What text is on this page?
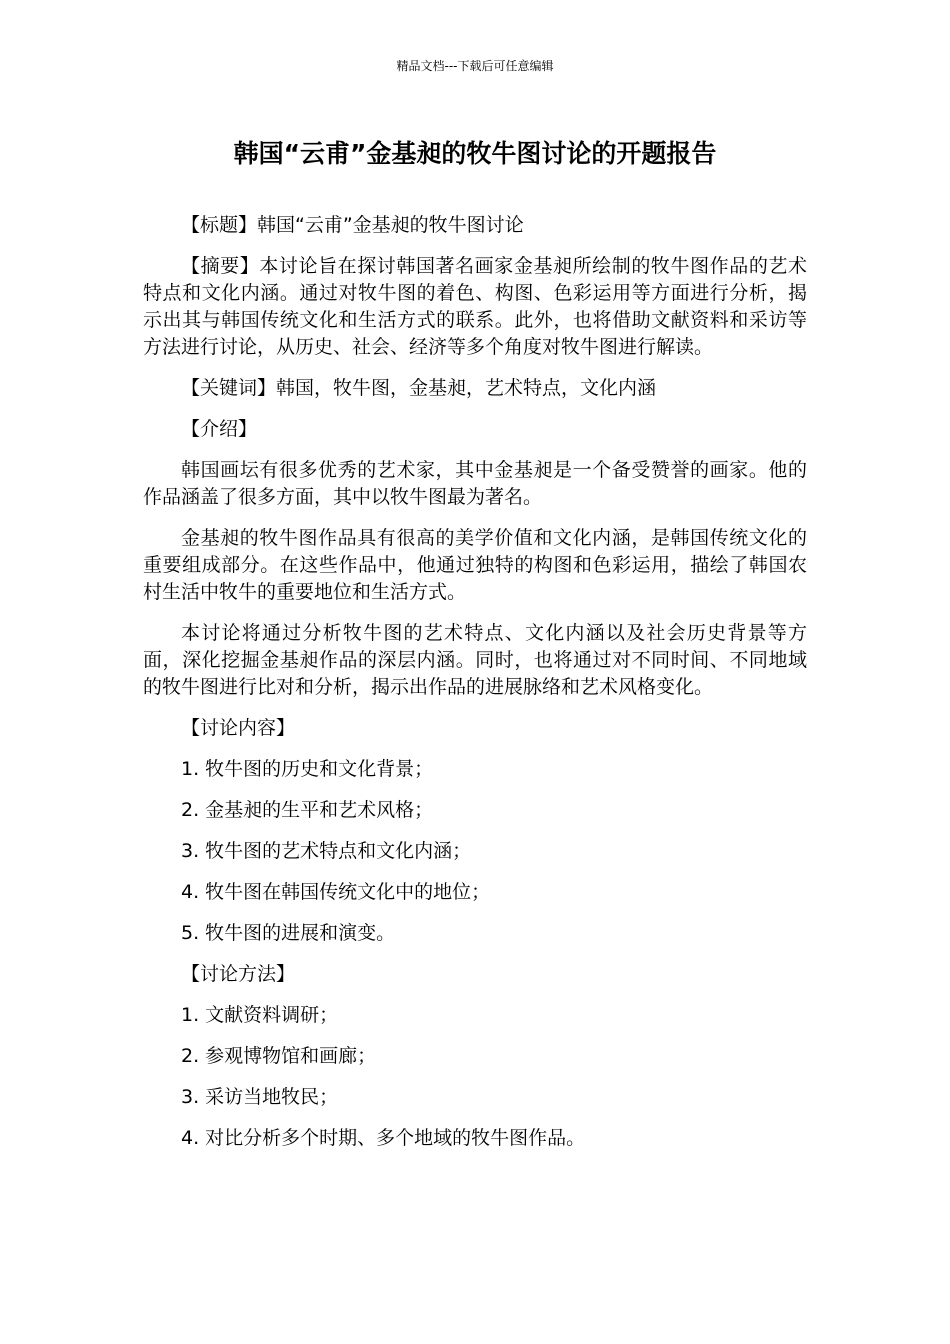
精品文档---下载后可任意编辑
韩国“云甫”金基昶的牧牛图讨论的开题报告

【标题】韩国“云甫”金基昶的牧牛图讨论

【摘要】本讨论旨在探讨韩国著名画家金基昶所绘制的牧牛图作品的艺术特点和文化内涵。通过对牧牛图的着色、构图、色彩运用等方面进行分析，揭示出其与韩国传统文化和生活方式的联系。此外，也将借助文献资料和采访等方法进行讨论，从历史、社会、经济等多个角度对牧牛图进行解读。

【关键词】韩国，牧牛图，金基昶，艺术特点，文化内涵

【介绍】

韩国画坛有很多优秀的艺术家，其中金基昶是一个备受赞誉的画家。他的作品涵盖了很多方面，其中以牧牛图最为著名。

金基昶的牧牛图作品具有很高的美学价值和文化内涵，是韩国传统文化的重要组成部分。在这些作品中，他通过独特的构图和色彩运用，描绘了韩国农村生活中牧牛的重要地位和生活方式。

本讨论将通过分析牧牛图的艺术特点、文化内涵以及社会历史背景等方面，深化挖掘金基昶作品的深层内涵。同时，也将通过对不同时间、不同地域的牧牛图进行比对和分析，揭示出作品的进展脉络和艺术风格变化。

【讨论内容】

1. 牧牛图的历史和文化背景；

2. 金基昶的生平和艺术风格；

3. 牧牛图的艺术特点和文化内涵；

4. 牧牛图在韩国传统文化中的地位；

5. 牧牛图的进展和演变。

【讨论方法】

1. 文献资料调研；

2. 参观博物馆和画廊；

3. 采访当地牧民；

4. 对比分析多个时期、多个地域的牧牛图作品。
